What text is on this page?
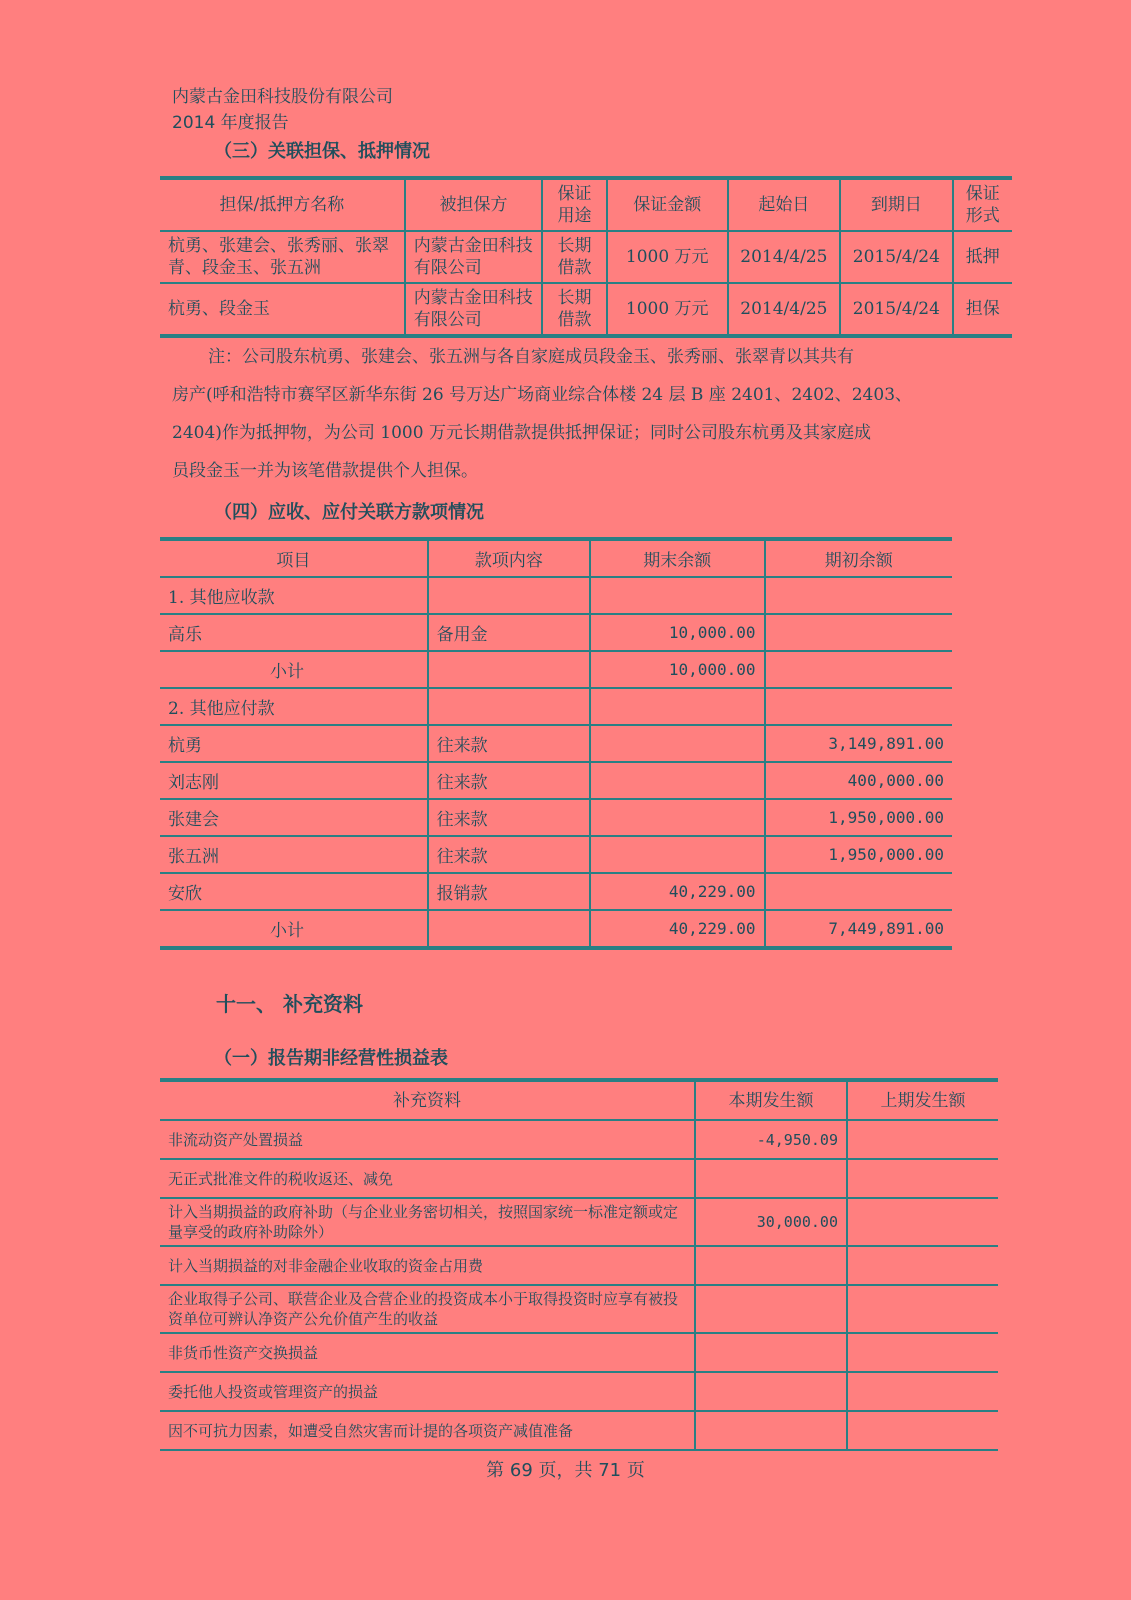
内蒙古金田科技股份有限公司
2014 年度报告
（三）关联担保、抵押情况
担保/抵押方名称	被担保方	保证用途	保证金额	起始日	到期日	保证形式
杭勇、张建会、张秀丽、张翠青、段金玉、张五洲	内蒙古金田科技有限公司	长期借款	1000 万元	2014/4/25	2015/4/24	抵押
杭勇、段金玉	内蒙古金田科技有限公司	长期借款	1000 万元	2014/4/25	2015/4/24	担保

注：公司股东杭勇、张建会、张五洲与各自家庭成员段金玉、张秀丽、张翠青以其共有

房产(呼和浩特市赛罕区新华东街 26 号万达广场商业综合体楼 24 层 B 座 2401、2402、2403、

2404)作为抵押物，为公司 1000 万元长期借款提供抵押保证；同时公司股东杭勇及其家庭成

员段金玉一并为该笔借款提供个人担保。

（四）应收、应付关联方款项情况
项目	款项内容	期末余额	期初余额
1. 其他应收款			
高乐	备用金	10,000.00	
小计		10,000.00	
2. 其他应付款			
杭勇	往来款		3,149,891.00
刘志刚	往来款		400,000.00
张建会	往来款		1,950,000.00
张五洲	往来款		1,950,000.00
安欣	报销款	40,229.00	
小计		40,229.00	7,449,891.00
十一、 补充资料
（一）报告期非经营性损益表
补充资料	本期发生额	上期发生额
非流动资产处置损益	-4,950.09	
无正式批准文件的税收返还、减免		
计入当期损益的政府补助（与企业业务密切相关，按照国家统一标准定额或定量享受的政府补助除外）	30,000.00	
计入当期损益的对非金融企业收取的资金占用费		
企业取得子公司、联营企业及合营企业的投资成本小于取得投资时应享有被投资单位可辨认净资产公允价值产生的收益		
非货币性资产交换损益		
委托他人投资或管理资产的损益		
因不可抗力因素，如遭受自然灾害而计提的各项资产减值准备		
第 69 页，共 71 页
